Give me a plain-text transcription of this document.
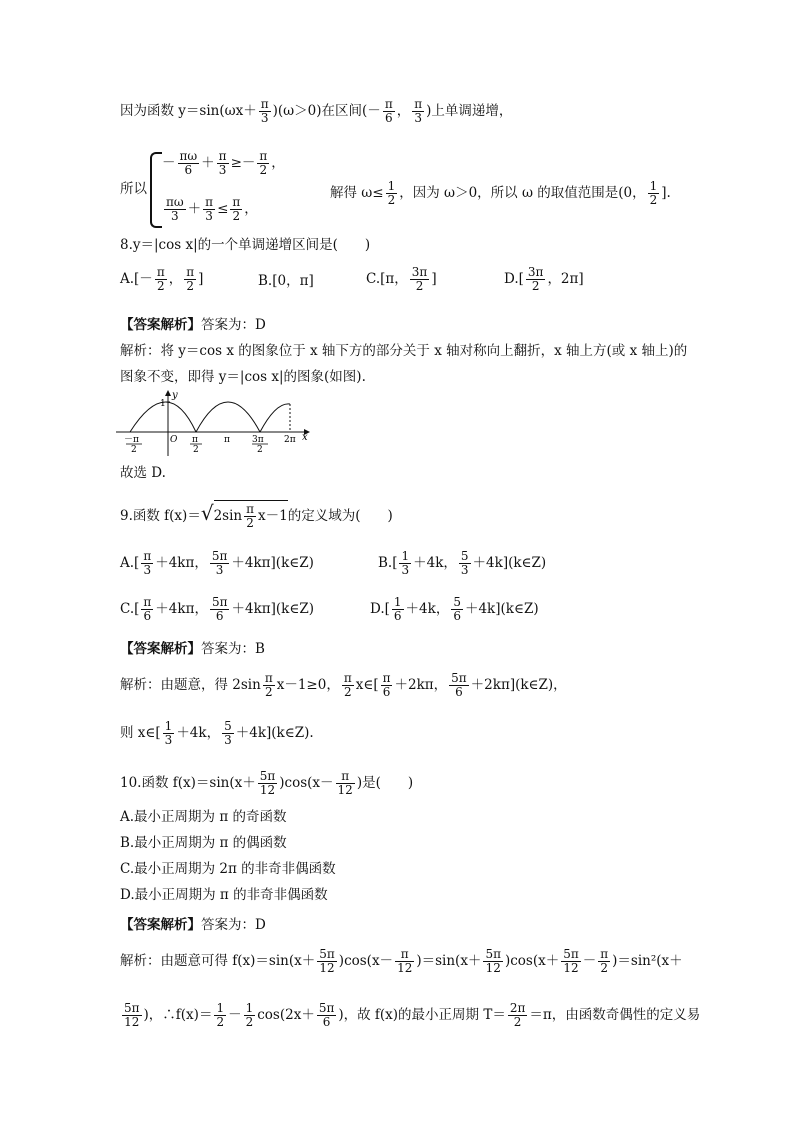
因为函数 $y=\sin(\omega x+ \frac{\pi}{3} )(\omega>0)$在区间(－ $\frac{\pi}{6}$ ， $\frac{\pi}{3}$ )上单调递增，
所以
－ $\frac{\pi\omega}{6} + \frac{\pi}{3} \ge- \frac{\pi}{2}$ ，
$\frac{\pi\omega}{3} + \frac{\pi}{3} \le \frac{\pi}{2}$ ，
解得 $\omega\le \frac{1}{2}$ ，因为 ω＞0，所以 ω 的取值范围是(0， $\frac{1}{2}$ ].
8.y＝|cos x|的一个单调递增区间是(　　)
$A.[- \frac{\pi}{2}$ ， $\frac{\pi}{2}$ ]	B.[0，π]	C.[π， $\frac{3\pi}{2}$ ]	$D.[ \frac{3\pi}{2}$ ，2π]
【答案解析】答案为：D
解析：将 y＝cos x 的图象位于 x 轴下方的部分关于 x 轴对称向上翻折，x 轴上方(或 x 轴上)的
图象不变，即得 y＝|cos x|的图象(如图).
y
1
x
O
－π
2
π
2
π 3π
2
2π
故选 D.
9.函数 $f(x)=√2\sin \frac{\pi}{2} x-1$的定义域为(　　)
$A.[ \frac{\pi}{3} +4k\pi$， $\frac{5\pi}{3}$ ＋4kπ](k∈Z)	$B.[ \frac{1}{3} +4k$， $\frac{5}{3}$ ＋4k](k∈Z)
$C.[ \frac{\pi}{6} +4k\pi$， $\frac{5\pi}{6}$ ＋4kπ](k∈Z)	$D.[ \frac{1}{6} +4k$， $\frac{5}{6}$ ＋4k](k∈Z)
【答案解析】答案为：B
解析：由题意，得 $2\sin \frac{\pi}{2} x-1\ge 0$， $\frac{\pi}{2}$ x∈[ $\frac{\pi}{6} +2k\pi$， $\frac{5\pi}{6}$ ＋2kπ](k∈Z)，
则 x∈[ $\frac{1}{3} +4k$， $\frac{5}{3}$ ＋4k](k∈Z).
10.函数 $f(x)=\sin(x+ \frac{5\pi}{12} )\cos(x- \frac{\pi}{12}$ )是(　　)
A.最小正周期为 π 的奇函数
B.最小正周期为 π 的偶函数
C.最小正周期为 2π 的非奇非偶函数
D.最小正周期为 π 的非奇非偶函数
【答案解析】答案为：D
解析：由题意可得 $f(x)=\sin(x+ \frac{5\pi}{12} )\cos(x- \frac{\pi}{12} )=\sin(x+ \frac{5\pi}{12} )\cos(x+ \frac{5\pi}{12} - \frac{\pi}{2} )=\sin^2(x+$
$\frac{5\pi}{12}$ )，∴f(x)＝ $\frac{1}{2} - \frac{1}{2} \cos(2x+ \frac{5\pi}{6}$ )，故 f(x)的最小正周期 $T= \frac{2\pi}{2} =\pi$，由函数奇偶性的定义易
